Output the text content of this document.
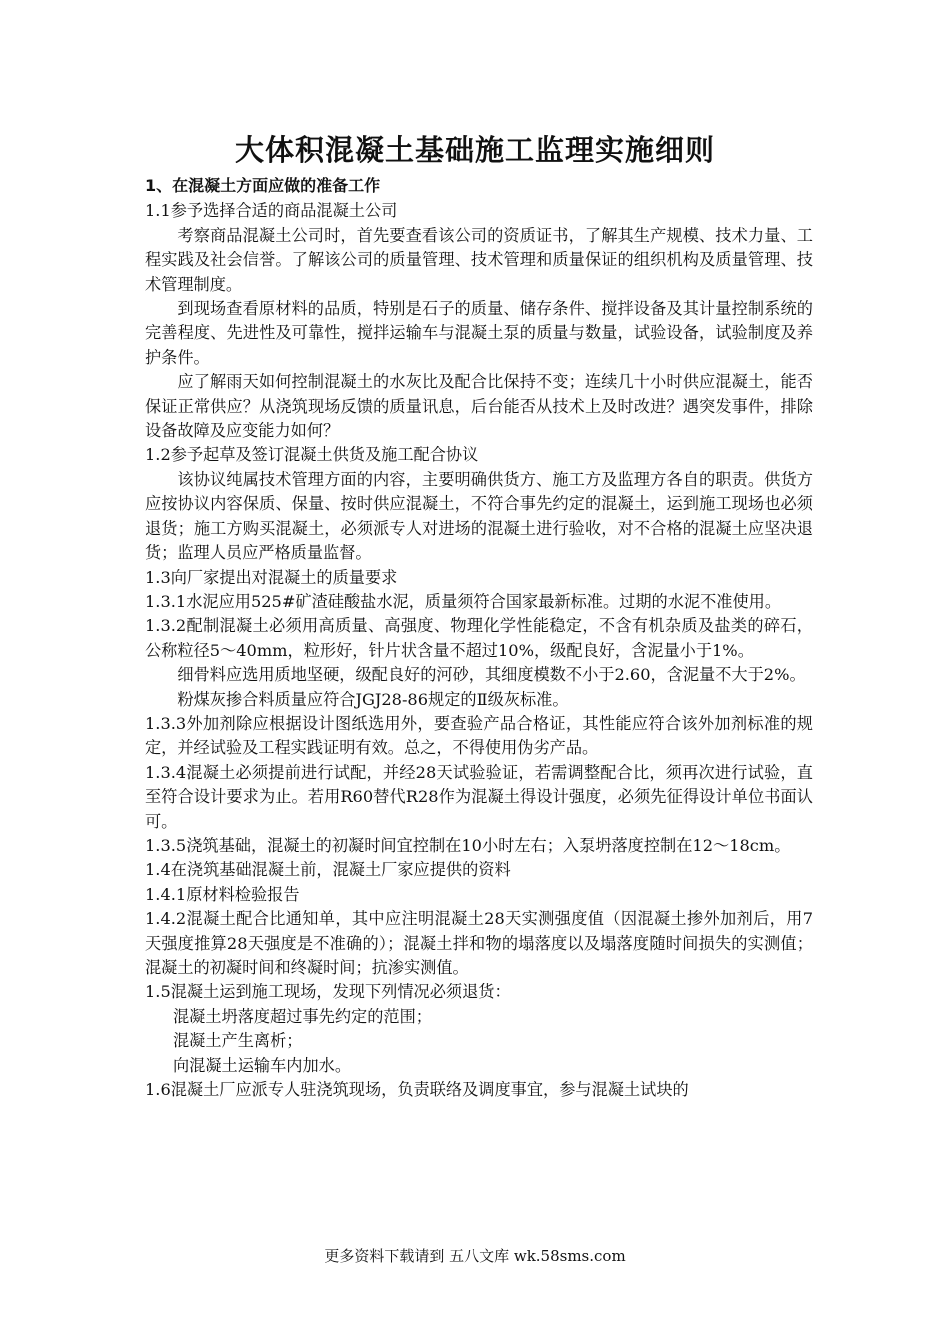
大体积混凝土基础施工监理实施细则

1、在混凝土方面应做的准备工作

1.1参予选择合适的商品混凝土公司

考察商品混凝土公司时，首先要查看该公司的资质证书，了解其生产规模、技术力量、工程实践及社会信誉。了解该公司的质量管理、技术管理和质量保证的组织机构及质量管理、技术管理制度。

到现场查看原材料的品质，特别是石子的质量、储存条件、搅拌设备及其计量控制系统的完善程度、先进性及可靠性，搅拌运输车与混凝土泵的质量与数量，试验设备，试验制度及养护条件。

应了解雨天如何控制混凝土的水灰比及配合比保持不变；连续几十小时供应混凝土，能否保证正常供应？从浇筑现场反馈的质量讯息，后台能否从技术上及时改进？遇突发事件，排除设备故障及应变能力如何？

1.2参予起草及签订混凝土供货及施工配合协议

该协议纯属技术管理方面的内容，主要明确供货方、施工方及监理方各自的职责。供货方应按协议内容保质、保量、按时供应混凝土，不符合事先约定的混凝土，运到施工现场也必须退货；施工方购买混凝土，必须派专人对进场的混凝土进行验收，对不合格的混凝土应坚决退货；监理人员应严格质量监督。

1.3向厂家提出对混凝土的质量要求

1.3.1水泥应用525#矿渣硅酸盐水泥，质量须符合国家最新标准。过期的水泥不准使用。

1.3.2配制混凝土必须用高质量、高强度、物理化学性能稳定，不含有机杂质及盐类的碎石，公称粒径5～40mm，粒形好，针片状含量不超过10%，级配良好，含泥量小于1%。

细骨料应选用质地坚硬，级配良好的河砂，其细度模数不小于2.60，含泥量不大于2%。

粉煤灰掺合料质量应符合JGJ28-86规定的Ⅱ级灰标准。

1.3.3外加剂除应根据设计图纸选用外，要查验产品合格证，其性能应符合该外加剂标准的规定，并经试验及工程实践证明有效。总之，不得使用伪劣产品。

1.3.4混凝土必须提前进行试配，并经28天试验验证，若需调整配合比，须再次进行试验，直至符合设计要求为止。若用R60替代R28作为混凝土得设计强度，必须先征得设计单位书面认可。

1.3.5浇筑基础，混凝土的初凝时间宜控制在10小时左右；入泵坍落度控制在12～18cm。

1.4在浇筑基础混凝土前，混凝土厂家应提供的资料

1.4.1原材料检验报告

1.4.2混凝土配合比通知单，其中应注明混凝土28天实测强度值（因混凝土掺外加剂后，用7天强度推算28天强度是不准确的）；混凝土拌和物的塌落度以及塌落度随时间损失的实测值；混凝土的初凝时间和终凝时间；抗渗实测值。

1.5混凝土运到施工现场，发现下列情况必须退货：

混凝土坍落度超过事先约定的范围；

混凝土产生离析；

向混凝土运输车内加水。

1.6混凝土厂应派专人驻浇筑现场，负责联络及调度事宜，参与混凝土试块的

更多资料下载请到 五八文库 wk.58sms.com
